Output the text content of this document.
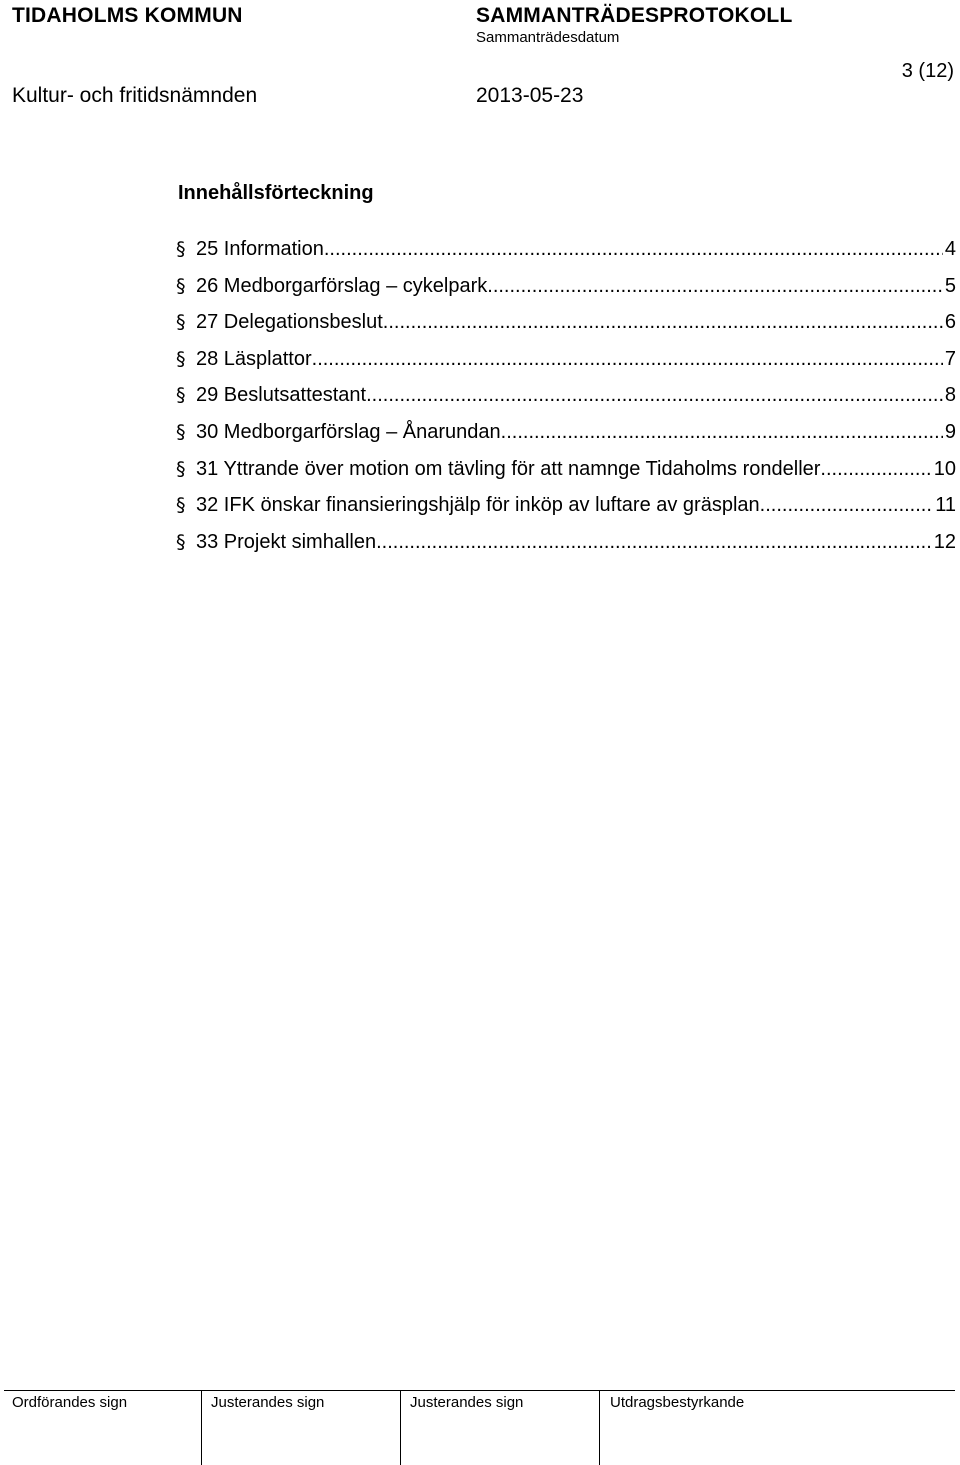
TIDAHOLMS KOMMUN	SAMMANTRÄDESPROTOKOLL
Sammanträdesdatum
3 (12)
Kultur- och fritidsnämnden	2013-05-23
Innehållsförteckning
§ 25 Information .....	4
§ 26 Medborgarförslag – cykelpark .....	5
§ 27 Delegationsbeslut .....	6
§ 28 Läsplattor .....	7
§ 29 Beslutsattestant .....	8
§ 30 Medborgarförslag – Ånarundan .....	9
§ 31 Yttrande över motion om tävling för att namnge Tidaholms rondeller .....	10
§ 32 IFK önskar finansieringshjälp för inköp av luftare av gräsplan .....	11
§ 33 Projekt simhallen .....	12
Ordförandes sign	Justerandes sign	Justerandes sign	Utdragsbestyrkande
